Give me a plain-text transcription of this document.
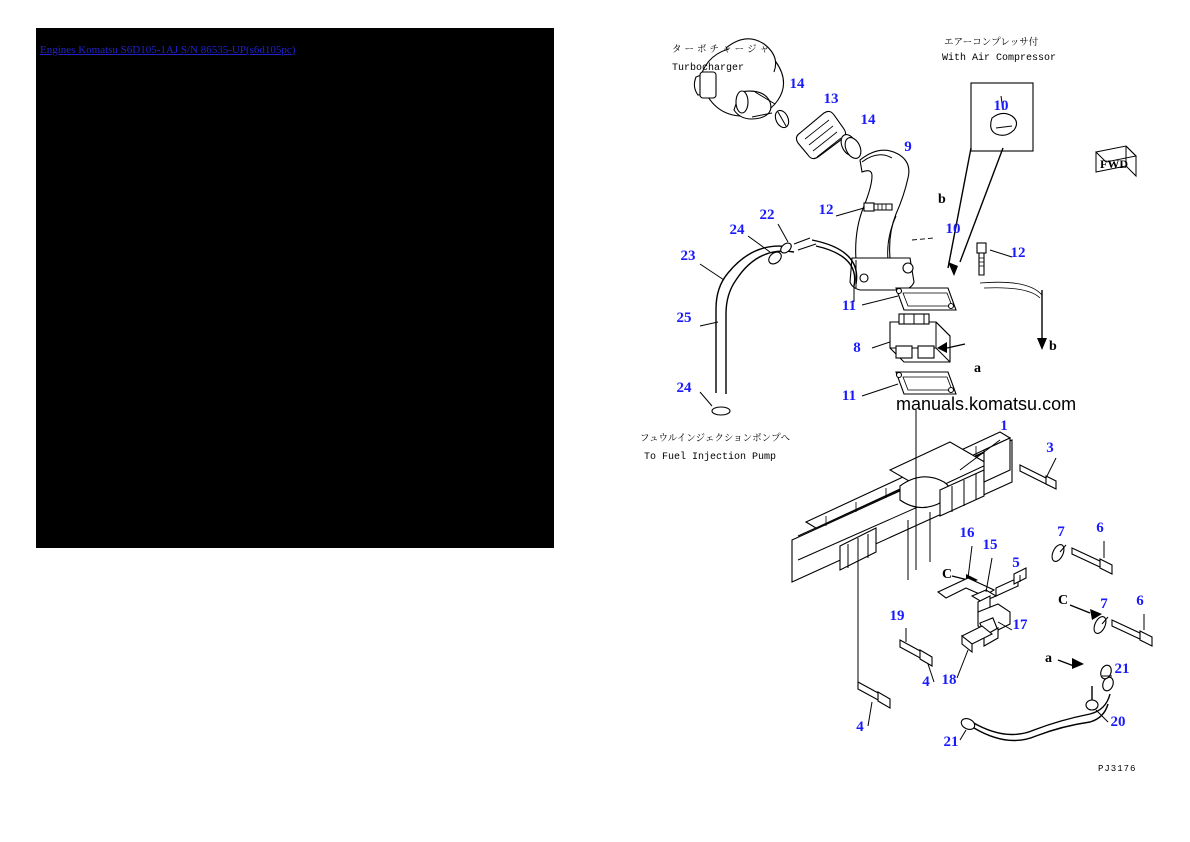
Engines Komatsu S6D105-1AJ S/N 86535-UP(s6d105pc)
FWD
タ ー ボ チ ャ ー ジ ャ
Turbocharger
エアーコンプレッサ付
With Air Compressor
フュウルインジェクションポンプへ
To Fuel Injection Pump
manuals.komatsu.com
PJ3176
b
b
a
C
C
a
1
3
4
4
5
6
6
7
7
8
9
10
10
11
11
12
12
13
14
14
15
16
17
18
19
20
21
21
22
23
24
24
25
